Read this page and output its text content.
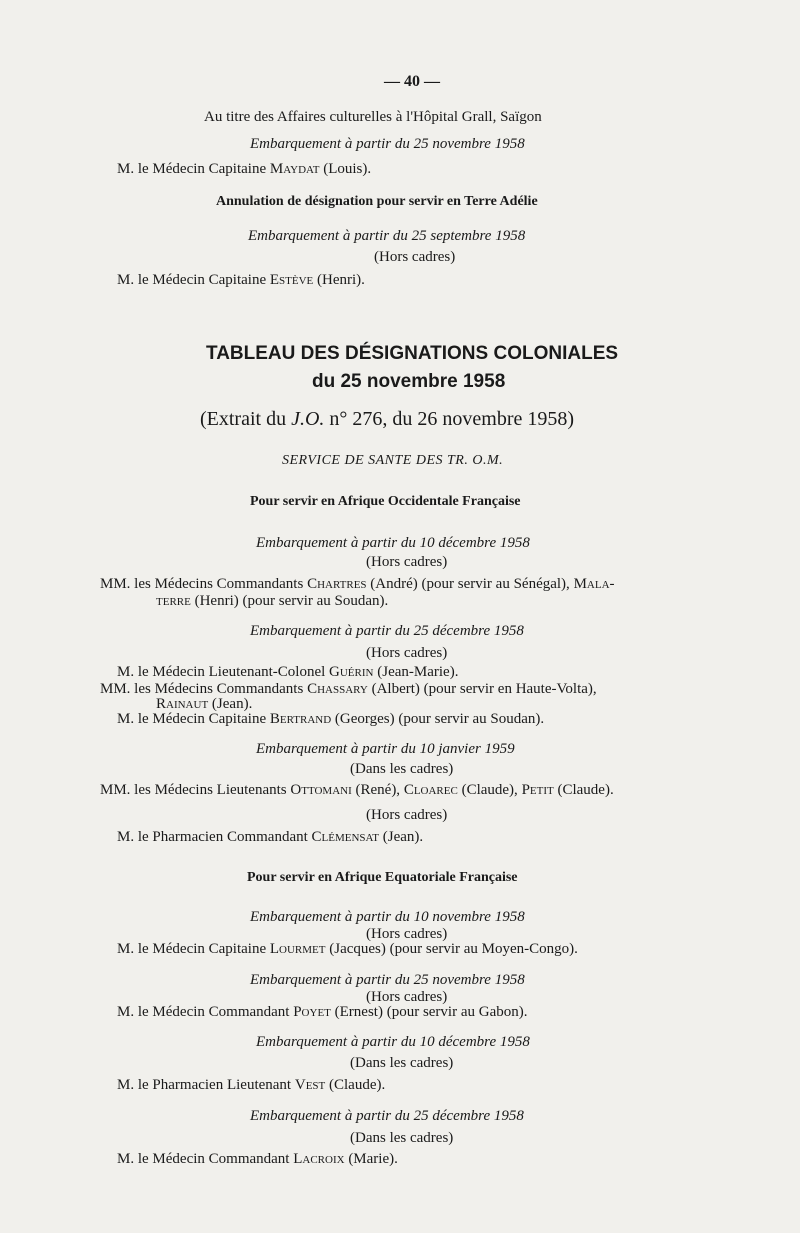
— 40 —
Au titre des Affaires culturelles à l'Hôpital Grall, Saïgon
Embarquement à partir du 25 novembre 1958
M. le Médecin Capitaine Maydat (Louis).
Annulation de désignation pour servir en Terre Adélie
Embarquement à partir du 25 septembre 1958
(Hors cadres)
M. le Médecin Capitaine Estève (Henri).
TABLEAU DES DÉSIGNATIONS COLONIALES
du 25 novembre 1958
(Extrait du J.O. n° 276, du 26 novembre 1958)
SERVICE DE SANTE DES TR. O.M.
Pour servir en Afrique Occidentale Française
Embarquement à partir du 10 décembre 1958
(Hors cadres)
MM. les Médecins Commandants Chartres (André) (pour servir au Sénégal), Mala-
terre (Henri) (pour servir au Soudan).
Embarquement à partir du 25 décembre 1958
(Hors cadres)
M. le Médecin Lieutenant-Colonel Guérin (Jean-Marie).
MM. les Médecins Commandants Chassary (Albert) (pour servir en Haute-Volta),
Rainaut (Jean).
M. le Médecin Capitaine Bertrand (Georges) (pour servir au Soudan).
Embarquement à partir du 10 janvier 1959
(Dans les cadres)
MM. les Médecins Lieutenants Ottomani (René), Cloarec (Claude), Petit (Claude).
(Hors cadres)
M. le Pharmacien Commandant Clémensat (Jean).
Pour servir en Afrique Equatoriale Française
Embarquement à partir du 10 novembre 1958
(Hors cadres)
M. le Médecin Capitaine Lourmet (Jacques) (pour servir au Moyen-Congo).
Embarquement à partir du 25 novembre 1958
(Hors cadres)
M. le Médecin Commandant Poyet (Ernest) (pour servir au Gabon).
Embarquement à partir du 10 décembre 1958
(Dans les cadres)
M. le Pharmacien Lieutenant Vest (Claude).
Embarquement à partir du 25 décembre 1958
(Dans les cadres)
M. le Médecin Commandant Lacroix (Marie).
